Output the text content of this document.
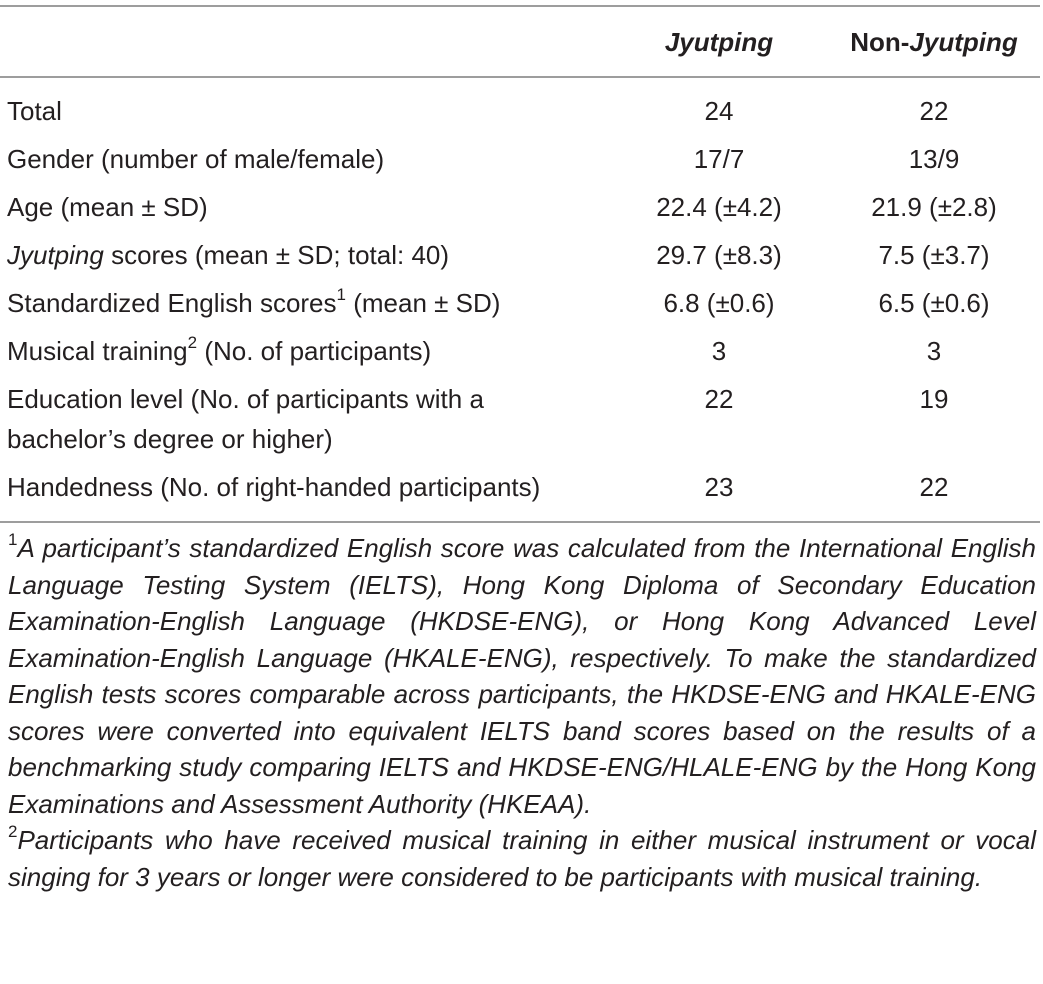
	Jyutping	Non-Jyutping

Total	24	22

Gender (number of male/female)	17/7	13/9

Age (mean ± SD)	22.4 (±4.2)	21.9 (±2.8)

Jyutping scores (mean ± SD; total: 40)	29.7 (±8.3)	7.5 (±3.7)

Standardized English scores$^1$ (mean ± SD)	6.8 (±0.6)	6.5 (±0.6)

Musical training$^2$ (No. of participants)	3	3

Education level (No. of participants with a bachelor’s degree or higher)	22	19

Handedness (No. of right-handed participants)	23	22

$^1$A participant’s standardized English score was calculated from the International English Language Testing System (IELTS), Hong Kong Diploma of Secondary Education Examination-English Language (HKDSE-ENG), or Hong Kong Advanced Level Examination-English Language (HKALE-ENG), respectively. To make the standardized English tests scores comparable across participants, the HKDSE-ENG and HKALE-ENG scores were converted into equivalent IELTS band scores based on the results of a benchmarking study comparing IELTS and HKDSE-ENG/HLALE-ENG by the Hong Kong Examinations and Assessment Authority (HKEAA).

$^2$Participants who have received musical training in either musical instrument or vocal singing for 3 years or longer were considered to be participants with musical training.
